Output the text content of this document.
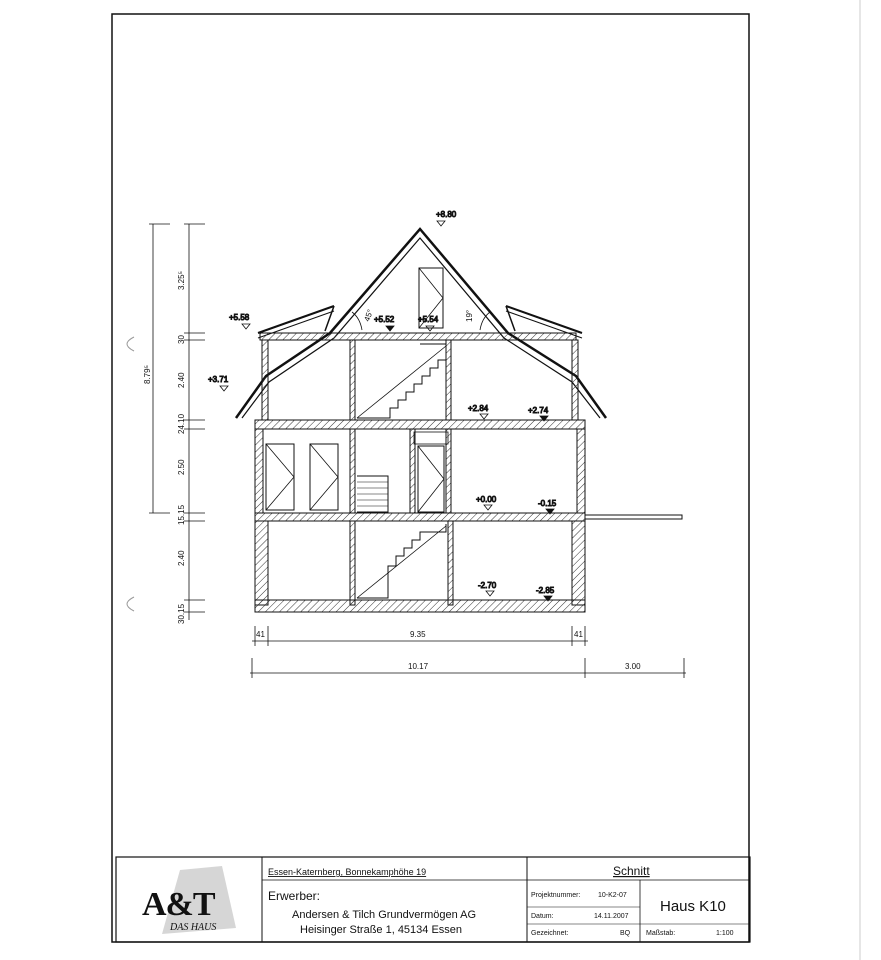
+8.80
+5.58	+5.52	+5.54
+3.71
+2.84	+2.74
+0.00	-0.15
-2.70
-2.85
45°	19°
8.79⁵
3.25⁵
30
2.40
24.10
2.50
15.15
2.40
30.15
41	9.35	41
10.17	3.00
A&T
DAS HAUS
Essen-Katernberg, Bonnekamphöhe 19
Erwerber:
Andersen & Tilch Grundvermögen AG
Heisinger Straße 1, 45134 Essen
Schnitt
Haus K10
Projektnummer:	10-K2-07
Datum:	14.11.2007
Gezeichnet:	BQ Maßstab:	1:100
